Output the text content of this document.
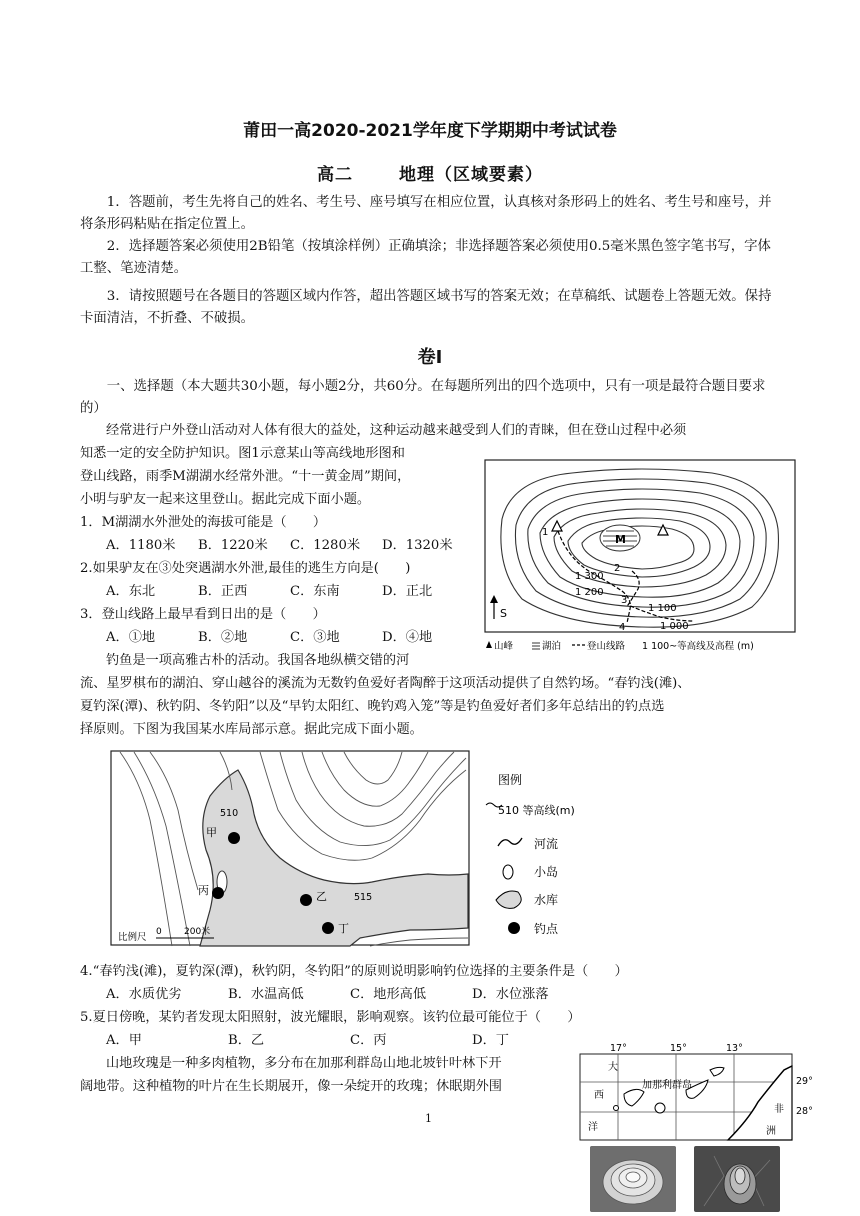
莆田一高2020-2021学年度下学期期中考试试卷
高二	地理（区域要素）

1．答题前，考生先将自己的姓名、考生号、座号填写在相应位置，认真核对条形码上的姓名、考生号和座号，并将条形码粘贴在指定位置上。

2．选择题答案必须使用2B铅笔（按填涂样例）正确填涂；非选择题答案必须使用0.5毫米黑色签字笔书写，字体工整、笔迹清楚。

3．请按照题号在各题目的答题区域内作答，超出答题区域书写的答案无效；在草稿纸、试题卷上答题无效。保持卡面清洁，不折叠、不破损。

卷I

一、选择题（本大题共30小题，每小题2分，共60分。在每题所列出的四个选项中，只有一项是最符合题目要求的）

经常进行户外登山活动对人体有很大的益处，这种运动越来越受到人们的青睐，但在登山过程中必须
知悉一定的安全防护知识。图1示意某山等高线地形图和
登山线路，雨季M湖湖水经常外泄。“十一黄金周”期间，
小明与驴友一起来这里登山。据此完成下面小题。
1．M湖湖水外泄处的海拔可能是（　　）
A．1180米 B．1220米 C．1280米 D．1320米
2.如果驴友在③处突遇湖水外泄,最佳的逃生方向是(　　)
A．东北	B．正西	C．东南	D．正北
3．登山线路上最早看到日出的是（　　）
A．①地	B．②地	C．③地	D．④地
M
1
2
3
4
1 300
1 200
1 100
1 000
S
山峰	湖泊	登山线路 1 100~等高线及高程 (m)
钓鱼是一项高雅古朴的活动。我国各地纵横交错的河
流、星罗棋布的湖泊、穿山越谷的溪流为无数钓鱼爱好者陶醉于这项活动提供了自然钓场。“春钓浅(滩)、
夏钓深(潭)、秋钓阴、冬钓阳”以及“早钓太阳红、晚钓鸡入笼”等是钓鱼爱好者们多年总结出的钓点选
择原则。下图为我国某水库局部示意。据此完成下面小题。
510
515
甲
乙
丙
丁
比例尺 0 200米
图例
510 等高线(m)
河流
小岛
水库
钓点
4.“春钓浅(滩)，夏钓深(潭)，秋钓阴，冬钓阳”的原则说明影响钓位选择的主要条件是（　　）
A．水质优劣	B．水温高低	C．地形高低	D．水位涨落
5.夏日傍晚，某钓者发现太阳照射，波光耀眼，影响观察。该钓位最可能位于（　　）
A．甲	B．乙	C．丙	D．丁
山地玫瑰是一种多肉植物，多分布在加那利群岛山地北坡针叶林下开
阔地带。这种植物的叶片在生长期展开，像一朵绽开的玫瑰；休眠期外围
1
17°	15°	13°
大
西
洋
加那利群岛
非
洲
29°
28°
